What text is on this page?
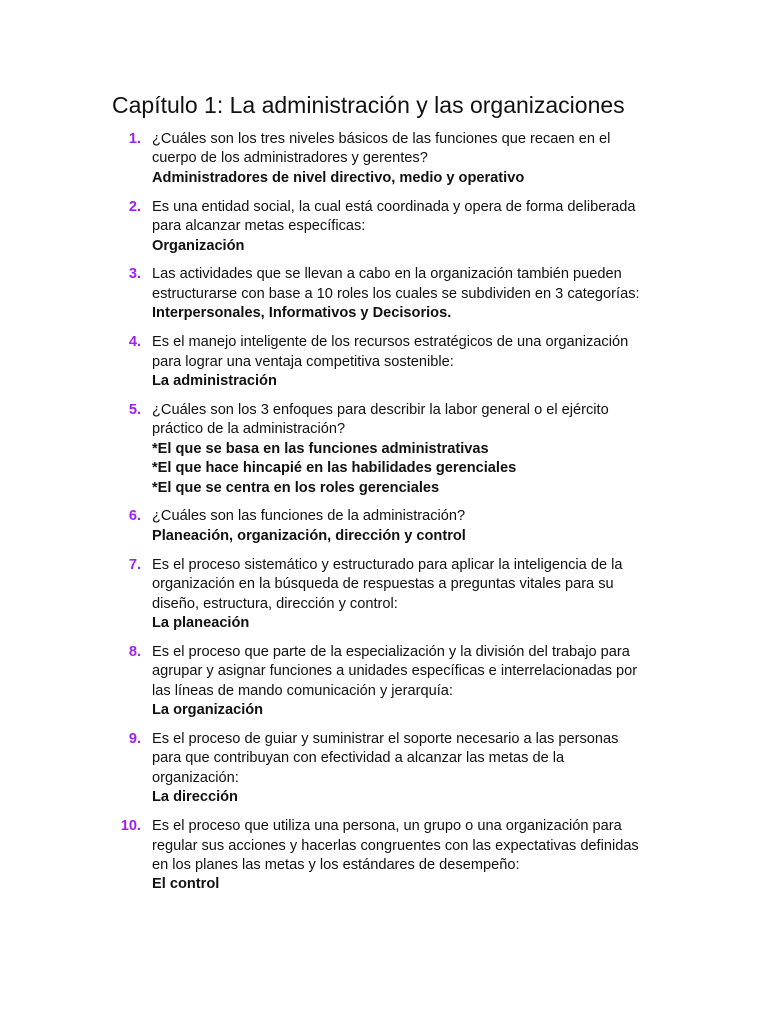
Capítulo 1: La administración y las organizaciones
1. ¿Cuáles son los tres niveles básicos de las funciones que recaen en el
cuerpo de los administradores y gerentes?
Administradores de nivel directivo, medio y operativo
2. Es una entidad social, la cual está coordinada y opera de forma deliberada
para alcanzar metas específicas:
Organización
3. Las actividades que se llevan a cabo en la organización también pueden
estructurarse con base a 10 roles los cuales se subdividen en 3 categorías:
Interpersonales, Informativos y Decisorios.
4. Es el manejo inteligente de los recursos estratégicos de una organización
para lograr una ventaja competitiva sostenible:
La administración
5. ¿Cuáles son los 3 enfoques para describir la labor general o el ejército
práctico de la administración?
*El que se basa en las funciones administrativas
*El que hace hincapié en las habilidades gerenciales
*El que se centra en los roles gerenciales
6. ¿Cuáles son las funciones de la administración?
Planeación, organización, dirección y control
7. Es el proceso sistemático y estructurado para aplicar la inteligencia de la
organización en la búsqueda de respuestas a preguntas vitales para su
diseño, estructura, dirección y control:
La planeación
8. Es el proceso que parte de la especialización y la división del trabajo para
agrupar y asignar funciones a unidades específicas e interrelacionadas por
las líneas de mando comunicación y jerarquía:
La organización
9. Es el proceso de guiar y suministrar el soporte necesario a las personas
para que contribuyan con efectividad a alcanzar las metas de la
organización:
La dirección
10. Es el proceso que utiliza una persona, un grupo o una organización para
regular sus acciones y hacerlas congruentes con las expectativas definidas
en los planes las metas y los estándares de desempeño:
El control
